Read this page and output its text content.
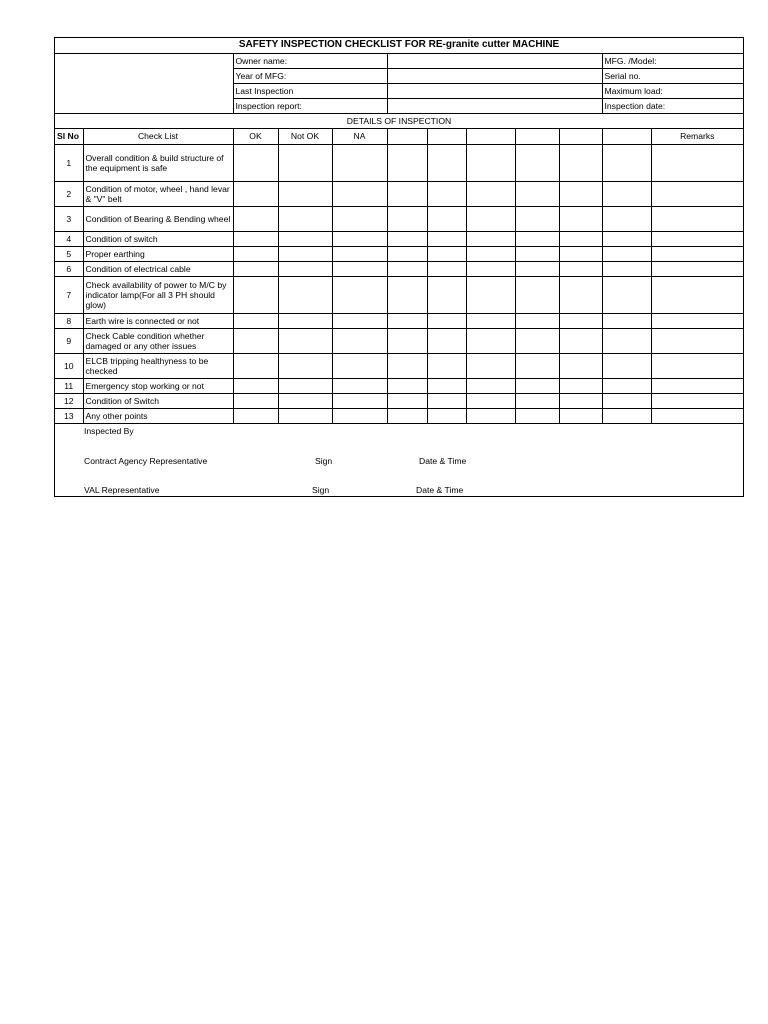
SAFETY INSPECTION CHECKLIST FOR RE-granite cutter MACHINE											
		Owner name:								MFG. /Model:	
		Year of MFG:								Serial no.	
		Last Inspection								Maximum load:	
		Inspection report:								Inspection date:	
DETAILS OF INSPECTION											
Sl No	Check List	OK	Not OK	NA							Remarks
1	Overall condition & build structure of the equipment is safe										
2	Condition of motor, wheel , hand levar & "V" belt										
3	Condition of Bearing & Bending wheel										
4	Condition of switch										
5	Proper earthing										
6	Condition of electrical cable										
7	Check availability of power to M/C by indicator lamp(For all 3 PH should glow)										
8	Earth wire is connected or not										
9	Check Cable condition whether damaged or any other issues										
10	ELCB tripping healthyness to be checked										
11	Emergency stop working or not										
12	Condition of Switch										
13	Any other points										
Inspected By
Contract Agency Representative	Sign	Date & Time
VAL Representative	Sign	Date & Time
